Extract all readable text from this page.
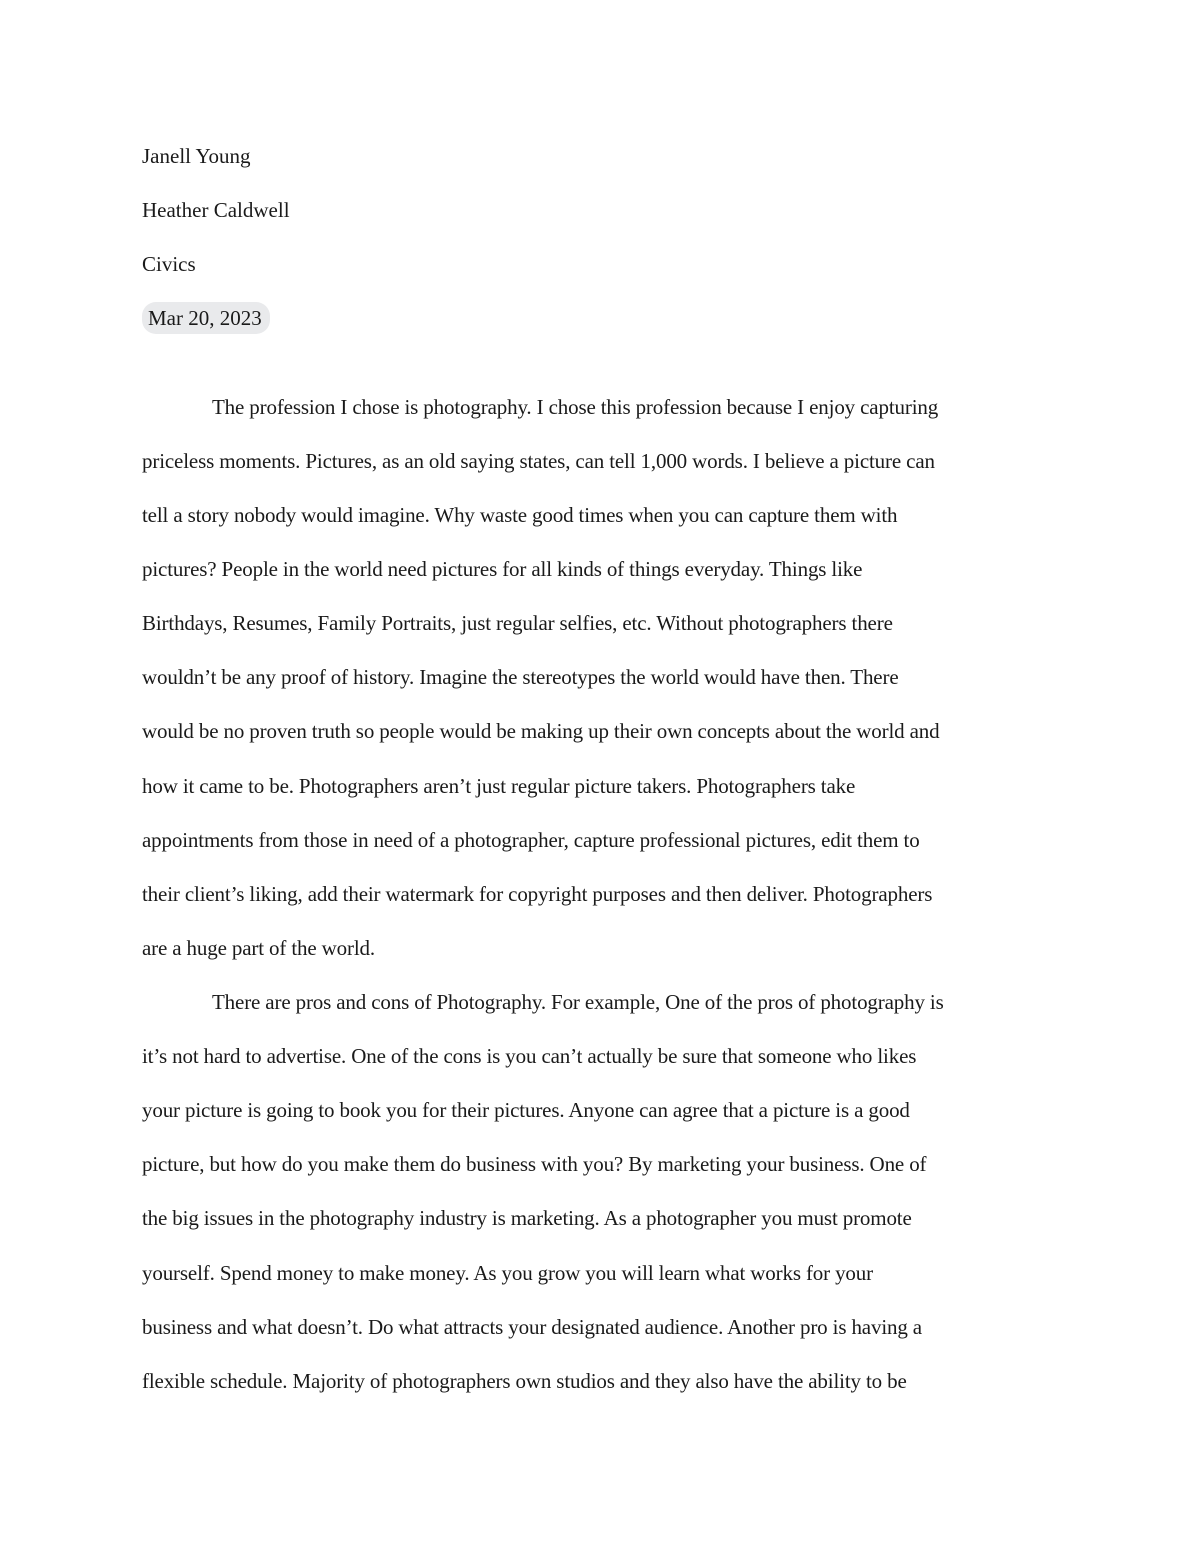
Janell Young
Heather Caldwell
Civics
Mar 20, 2023
The profession I chose is photography. I chose this profession because I enjoy capturing
priceless moments. Pictures, as an old saying states, can tell 1,000 words. I believe a picture can
tell a story nobody would imagine. Why waste good times when you can capture them with
pictures? People in the world need pictures for all kinds of things everyday. Things like
Birthdays, Resumes, Family Portraits, just regular selfies, etc. Without photographers there
wouldn’t be any proof of history. Imagine the stereotypes the world would have then. There
would be no proven truth so people would be making up their own concepts about the world and
how it came to be. Photographers aren’t just regular picture takers. Photographers take
appointments from those in need of a photographer, capture professional pictures, edit them to
their client’s liking, add their watermark for copyright purposes and then deliver. Photographers
are a huge part of the world.
There are pros and cons of Photography. For example, One of the pros of photography is
it’s not hard to advertise. One of the cons is you can’t actually be sure that someone who likes
your picture is going to book you for their pictures. Anyone can agree that a picture is a good
picture, but how do you make them do business with you? By marketing your business. One of
the big issues in the photography industry is marketing. As a photographer you must promote
yourself. Spend money to make money. As you grow you will learn what works for your
business and what doesn’t. Do what attracts your designated audience. Another pro is having a
flexible schedule. Majority of photographers own studios and they also have the ability to be
